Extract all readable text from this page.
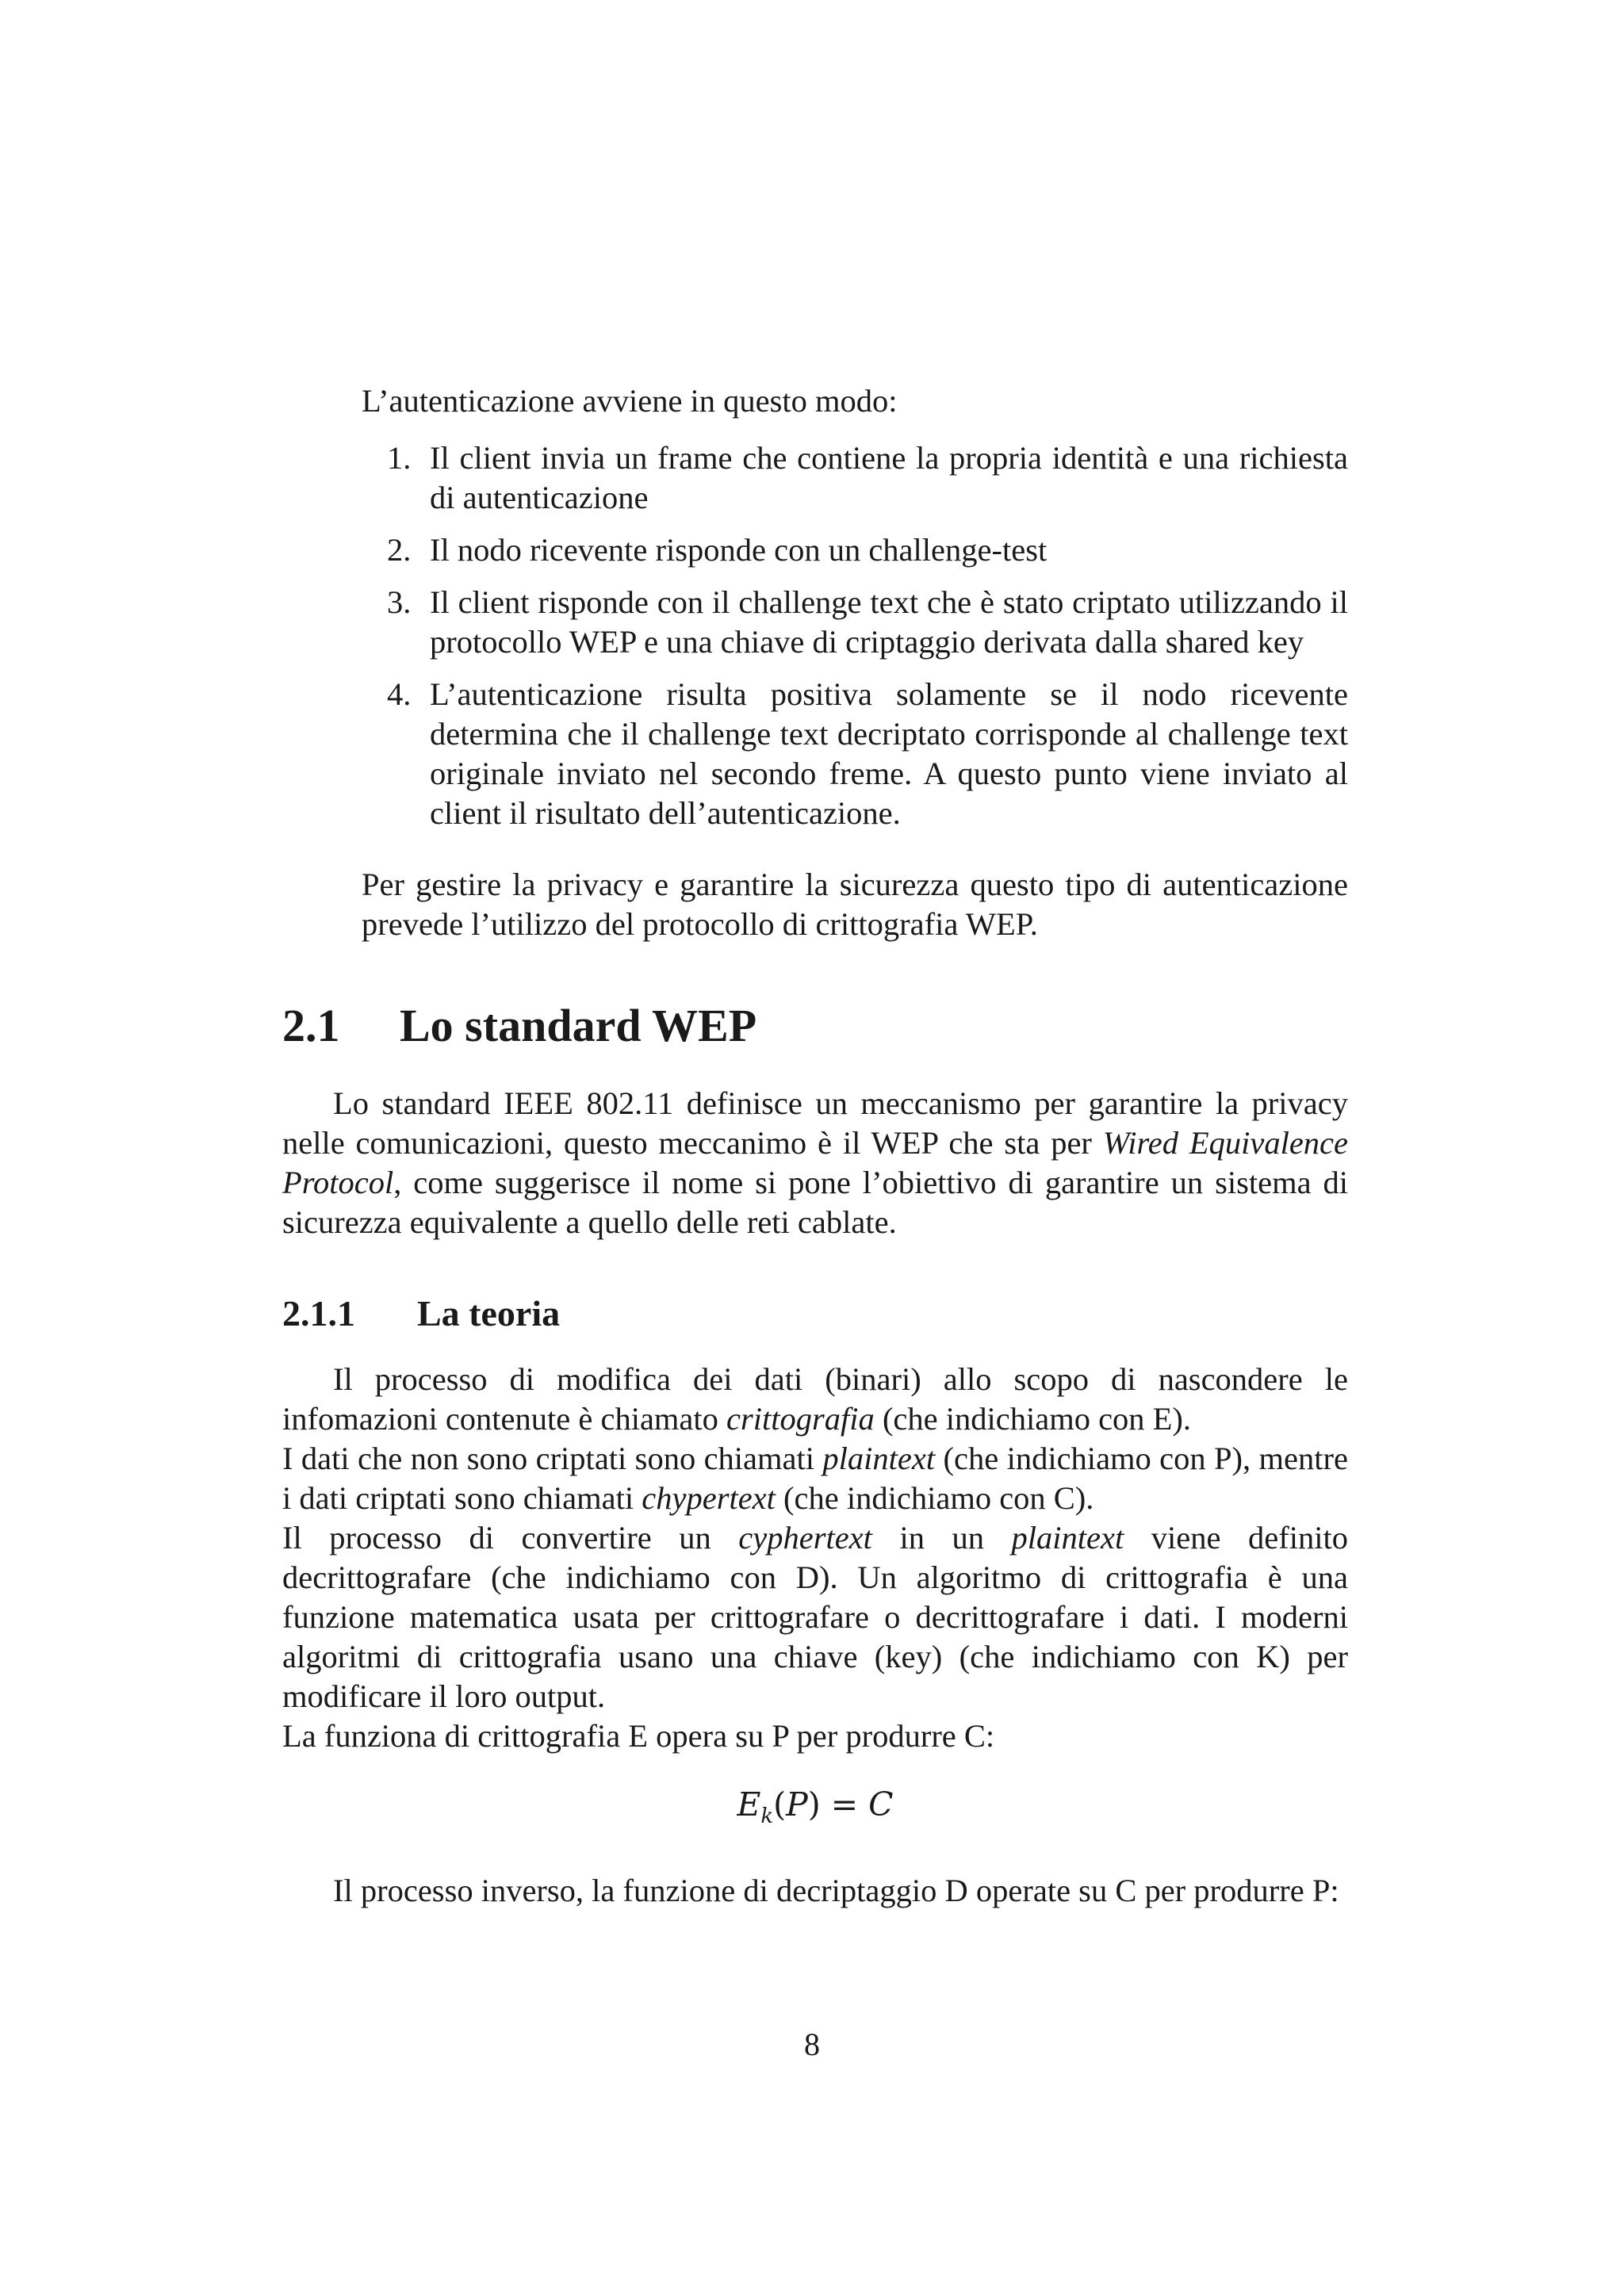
L’autenticazione avviene in questo modo:

1. Il client invia un frame che contiene la propria identità e una richiesta di autenticazione
2. Il nodo ricevente risponde con un challenge-test
3. Il client risponde con il challenge text che è stato criptato utilizzando il protocollo WEP e una chiave di criptaggio derivata dalla shared key
4. L’autenticazione risulta positiva solamente se il nodo ricevente determina che il challenge text decriptato corrisponde al challenge text originale inviato nel secondo freme. A questo punto viene inviato al client il risultato dell’autenticazione.

Per gestire la privacy e garantire la sicurezza questo tipo di autenticazione prevede l’utilizzo del protocollo di crittografia WEP.

2.1 Lo standard WEP

Lo standard IEEE 802.11 definisce un meccanismo per garantire la privacy nelle comunicazioni, questo meccanimo è il WEP che sta per Wired Equivalence Protocol, come suggerisce il nome si pone l’obiettivo di garantire un sistema di sicurezza equivalente a quello delle reti cablate.

2.1.1 La teoria

Il processo di modifica dei dati (binari) allo scopo di nascondere le infomazioni contenute è chiamato crittografia (che indichiamo con E).

I dati che non sono criptati sono chiamati plaintext (che indichiamo con P), mentre i dati criptati sono chiamati chypertext (che indichiamo con C).

Il processo di convertire un cyphertext in un plaintext viene definito decrittografare (che indichiamo con D). Un algoritmo di crittografia è una funzione matematica usata per crittografare o decrittografare i dati. I moderni algoritmi di crittografia usano una chiave (key) (che indichiamo con K) per modificare il loro output.

La funziona di crittografia E opera su P per produrre C:

$E_k(P) = C$

Il processo inverso, la funzione di decriptaggio D operate su C per produrre P:

8
